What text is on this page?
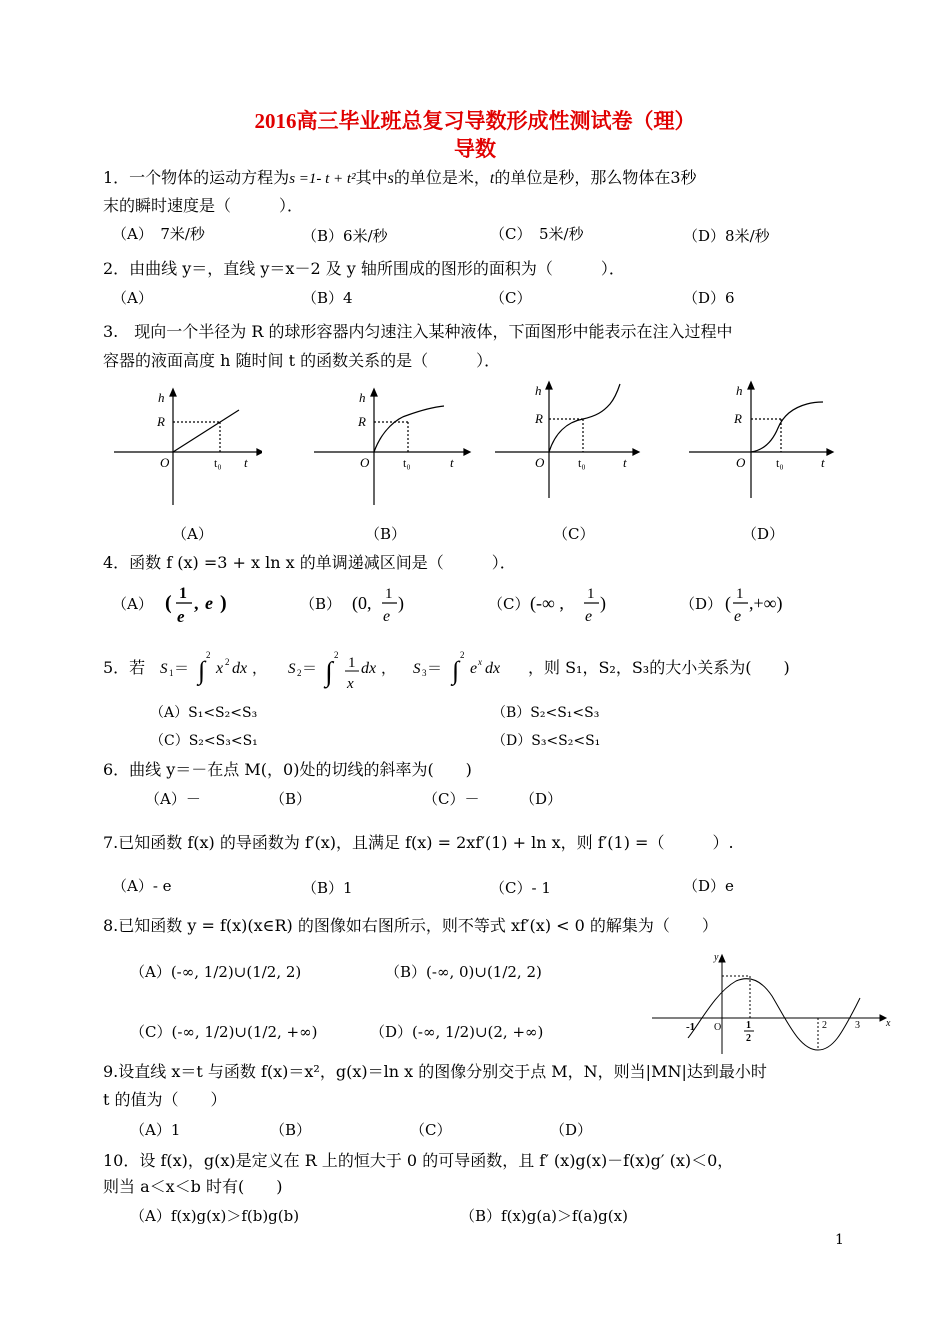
2016高三毕业班总复习导数形成性测试卷（理）
导数
1．一个物体的运动方程为s =1- t + t²其中s的单位是米，t的单位是秒，那么物体在3秒
末的瞬时速度是（　　　）．
（A）　7米/秒	（B）6米/秒	（C）　5米/秒	（D）8米/秒
2．由曲线 y＝，直线 y＝x－2 及 y 轴所围成的图形的面积为（　　　）．
（A）	（B）4	（C）	（D）6
3.　现向一个半径为 R 的球形容器内匀速注入某种液体，下面图形中能表示在注入过程中
容器的液面高度 h 随时间 t 的函数关系的是（　　　）．
h
R
O	t₀ t
h
R
O	t₀	t
h
R
O	t₀	t
h
R
O	t₀	t
（A）	（B）	（C）	（D）
4．函数 f (x) =3 + x ln x 的单调递减区间是（　　　）．
（A）	（B）	（C）	（D）
( 1
e
, e )	(0, 1
e
)	(-∞ , 1
e
)	( 1
e
,+∞)
5．若 S 1 ＝ ∫
2
x 2 dx ， S 2 ＝ ∫
2 1
x
dx ， S 3 ＝ ∫
2
e x dx ，则 S₁，S₂，S₃的大小关系为(　　)
（A）S₁<S₂<S₃	（B）S₂<S₁<S₃
（C）S₂<S₃<S₁	（D）S₃<S₂<S₁
6．曲线 y＝－在点 M(，0)处的切线的斜率为(　　)
（A）－	（B）	（C）－	（D）
7.已知函数 f(x) 的导函数为 f′(x)，且满足 f(x) = 2xf′(1) + ln x，则 f′(1) =（　　　）.
（A）- e	（B）1	（C）- 1	（D）e
8.已知函数 y = f(x)(x∈R) 的图像如右图所示，则不等式 xf′(x) < 0 的解集为（　　）
（A）(-∞, 1/2)∪(1/2, 2)	（B）(-∞, 0)∪(1/2, 2)
（C）(-∞, 1/2)∪(1/2, +∞)	（D）(-∞, 1/2)∪(2, +∞)
y
x
-1 O 1
2
2	3
9.设直线 x＝t 与函数 f(x)＝x²，g(x)＝ln x 的图像分别交于点 M，N，则当|MN|达到最小时
t 的值为（　　）
（A）1	（B）	（C）	（D）
10．设 f(x)，g(x)是定义在 R 上的恒大于 0 的可导函数，且 f′ (x)g(x)－f(x)g′ (x)＜0，
则当 a＜x＜b 时有(　　)
（A）f(x)g(x)＞f(b)g(b)	（B）f(x)g(a)＞f(a)g(x)
1
